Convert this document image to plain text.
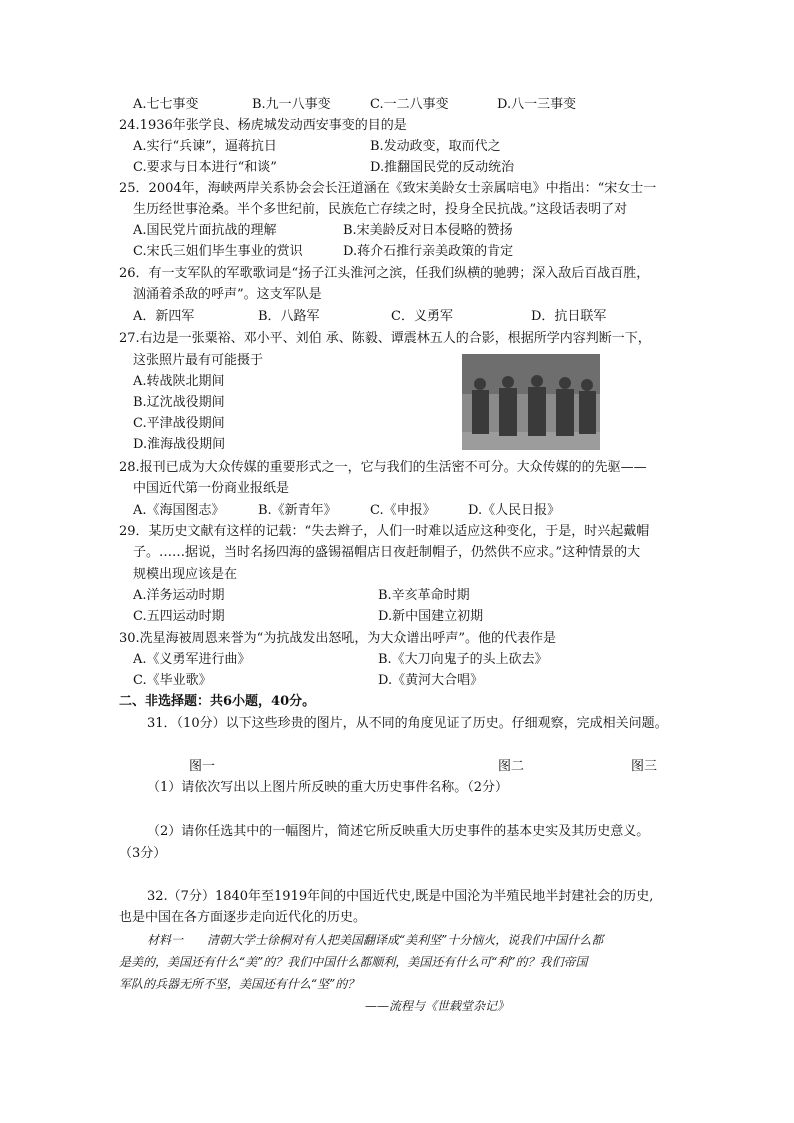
A.七七事变	B.九一八事变	C.一二八事变	D.八一三事变
24.1936年张学良、杨虎城发动西安事变的目的是
A.实行“兵谏”，逼蒋抗日	B.发动政变，取而代之
C.要求与日本进行“和谈”	D.推翻国民党的反动统治
25．2004年，海峡两岸关系协会会长汪道涵在《致宋美龄女士亲属唁电》中指出：“宋女士一
生历经世事沧桑。半个多世纪前，民族危亡存续之时，投身全民抗战。”这段话表明了对
A.国民党片面抗战的理解	B.宋美龄反对日本侵略的赞扬
C.宋氏三姐们毕生事业的赏识	D.蒋介石推行亲美政策的肯定
26．有一支军队的军歌歌词是“扬子江头淮河之滨，任我们纵横的驰骋；深入敌后百战百胜，
汹涌着杀敌的呼声”。这支军队是
A．新四军	B．八路军	C．义勇军	D．抗日联军
27.右边是一张粟裕、邓小平、刘伯 承、陈毅、谭震林五人的合影，根据所学内容判断一下，
这张照片最有可能摄于
A.转战陕北期间
B.辽沈战役期间
C.平津战役期间
D.淮海战役期间
28.报刊已成为大众传媒的重要形式之一，它与我们的生活密不可分。大众传媒的的先驱——
中国近代第一份商业报纸是
A.《海国图志》	B.《新青年》	C.《申报》 D.《人民日报》
29．某历史文献有这样的记载：“失去辫子，人们一时难以适应这种变化，于是，时兴起戴帽
子。……据说，当时名扬四海的盛锡福帽店日夜赶制帽子，仍然供不应求。”这种情景的大
规模出现应该是在
A.洋务运动时期	B.辛亥革命时期
C.五四运动时期	D.新中国建立初期
30.冼星海被周恩来誉为“为抗战发出怒吼，为大众谱出呼声”。他的代表作是
A.《义勇军进行曲》	B.《大刀向鬼子的头上砍去》
C.《毕业歌》	D.《黄河大合唱》
二、非选择题：共6小题，40分。
31．（10分）以下这些珍贵的图片，从不同的角度见证了历史。仔细观察，完成相关问题。
图一	图二	图三
（1）请依次写出以上图片所反映的重大历史事件名称。（2分）
（2）请你任选其中的一幅图片，简述它所反映重大历史事件的基本史实及其历史意义。
（3分）
32.（7分）1840年至1919年间的中国近代史,既是中国沦为半殖民地半封建社会的历史,
也是中国在各方面逐步走向近代化的历史。
材料一　　清朝大学士徐桐对有人把美国翻译成“美利坚”十分恼火，说我们中国什么都
是美的，美国还有什么“美”的？我们中国什么都顺利，美国还有什么可“利”的？我们帝国
军队的兵器无所不坚，美国还有什么“坚”的？
——流程与《世载堂杂记》
